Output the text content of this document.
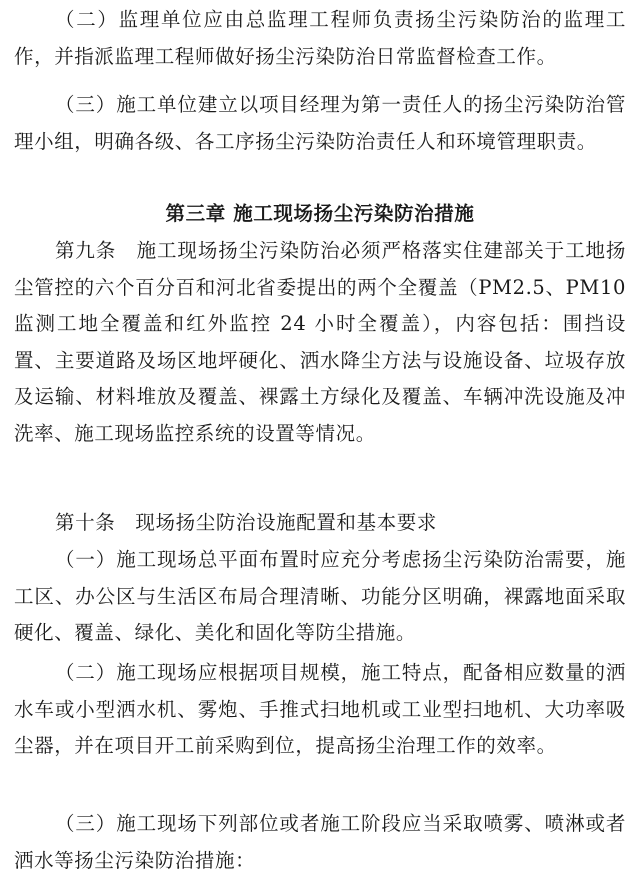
（二）监理单位应由总监理工程师负责扬尘污染防治的监理工作，并指派监理工程师做好扬尘污染防治日常监督检查工作。

（三）施工单位建立以项目经理为第一责任人的扬尘污染防治管理小组，明确各级、各工序扬尘污染防治责任人和环境管理职责。

第三章 施工现场扬尘污染防治措施

第九条　 施工现场扬尘污染防治必须严格落实住建部关于工地扬尘管控的六个百分百和河北省委提出的两个全覆盖（PM2.5、PM10 监测工地全覆盖和红外监控 24 小时全覆盖），内容包括：围挡设置、主要道路及场区地坪硬化、洒水降尘方法与设施设备、垃圾存放及运输、材料堆放及覆盖、裸露土方绿化及覆盖、车辆冲洗设施及冲洗率、施工现场监控系统的设置等情况。

第十条　 现场扬尘防治设施配置和基本要求

（一）施工现场总平面布置时应充分考虑扬尘污染防治需要，施工区、办公区与生活区布局合理清晰、功能分区明确，裸露地面采取硬化、覆盖、绿化、美化和固化等防尘措施。

（二）施工现场应根据项目规模，施工特点，配备相应数量的洒水车或小型洒水机、雾炮、手推式扫地机或工业型扫地机、大功率吸尘器，并在项目开工前采购到位，提高扬尘治理工作的效率。

（三）施工现场下列部位或者施工阶段应当采取喷雾、喷淋或者洒水等扬尘污染防治措施：
